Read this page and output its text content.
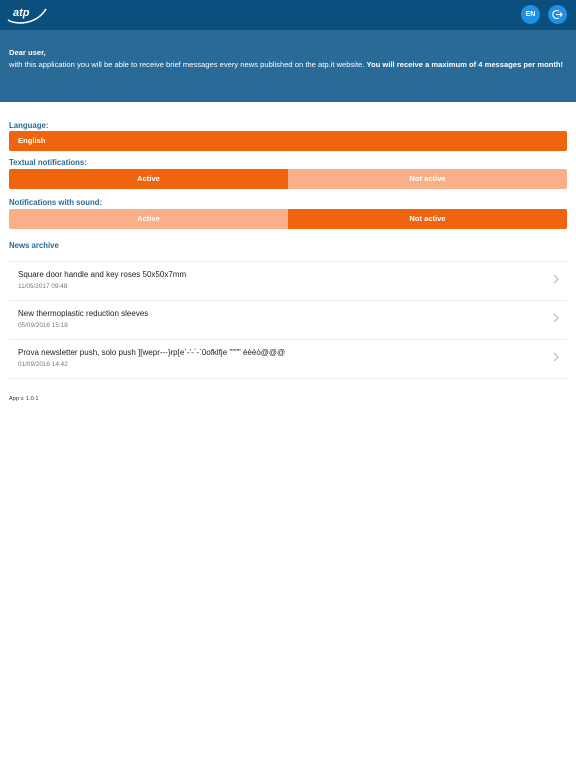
atp	EN
Dear user,
with this application you will be able to receive brief messages every news published on the atp.it website. You will receive a maximum of 4 messages per month!
Language:
English
Textual notifications:
Active	Not active
Notifications with sound:
Active	Not active
News archive
Square door handle and key roses 50x50x7mm
11/05/2017 09:48
New thermoplastic reduction sleeves
05/09/2016 15:18
Prova newsletter push, solo push ][wepr---}rp[e`-'-`-`0ofklfje """" èèèò@@@
01/09/2016 14:42
App v. 1.0.1
